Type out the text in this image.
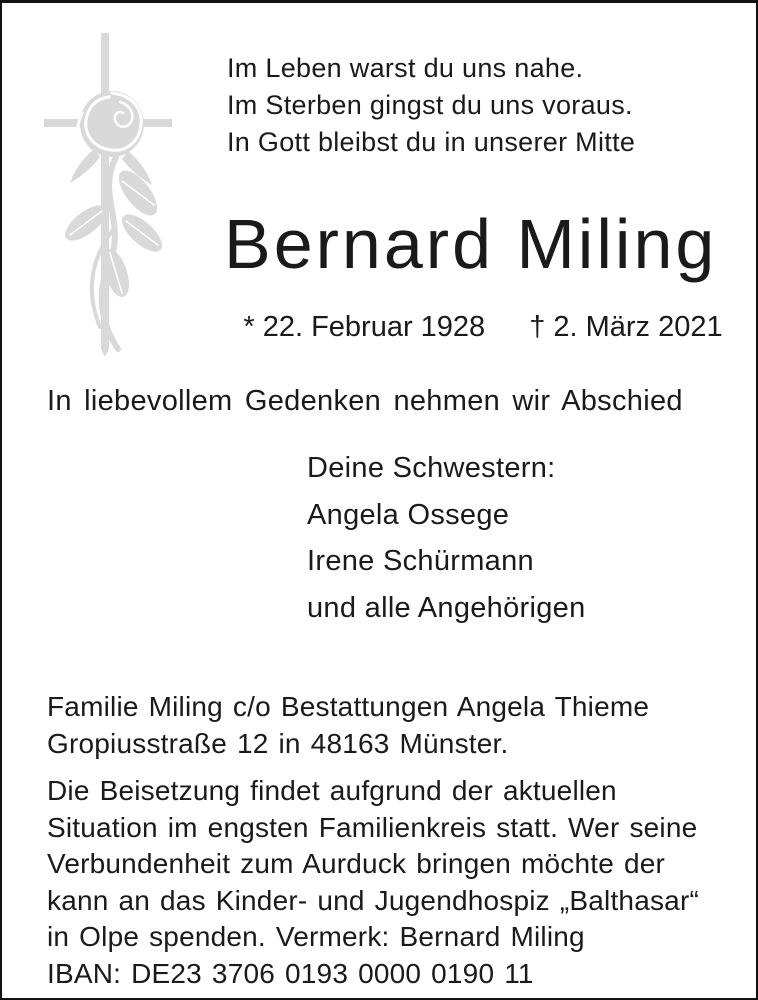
Im Leben warst du uns nahe.
Im Sterben gingst du uns voraus.
In Gott bleibst du in unserer Mitte
Bernard Miling
* 22. Februar 1928 † 2. März 2021
In liebevollem Gedenken nehmen wir Abschied
Deine Schwestern:
Angela Ossege
Irene Schürmann
und alle Angehörigen
Familie Miling c/o Bestattungen Angela Thieme
Gropiusstraße 12 in 48163 Münster.
Die Beisetzung findet aufgrund der aktuellen
Situation im engsten Familienkreis statt. Wer seine
Verbundenheit zum Aurduck bringen möchte der
kann an das Kinder- und Jugendhospiz „Balthasar“
in Olpe spenden. Vermerk: Bernard Miling
IBAN: DE23 3706 0193 0000 0190 11
